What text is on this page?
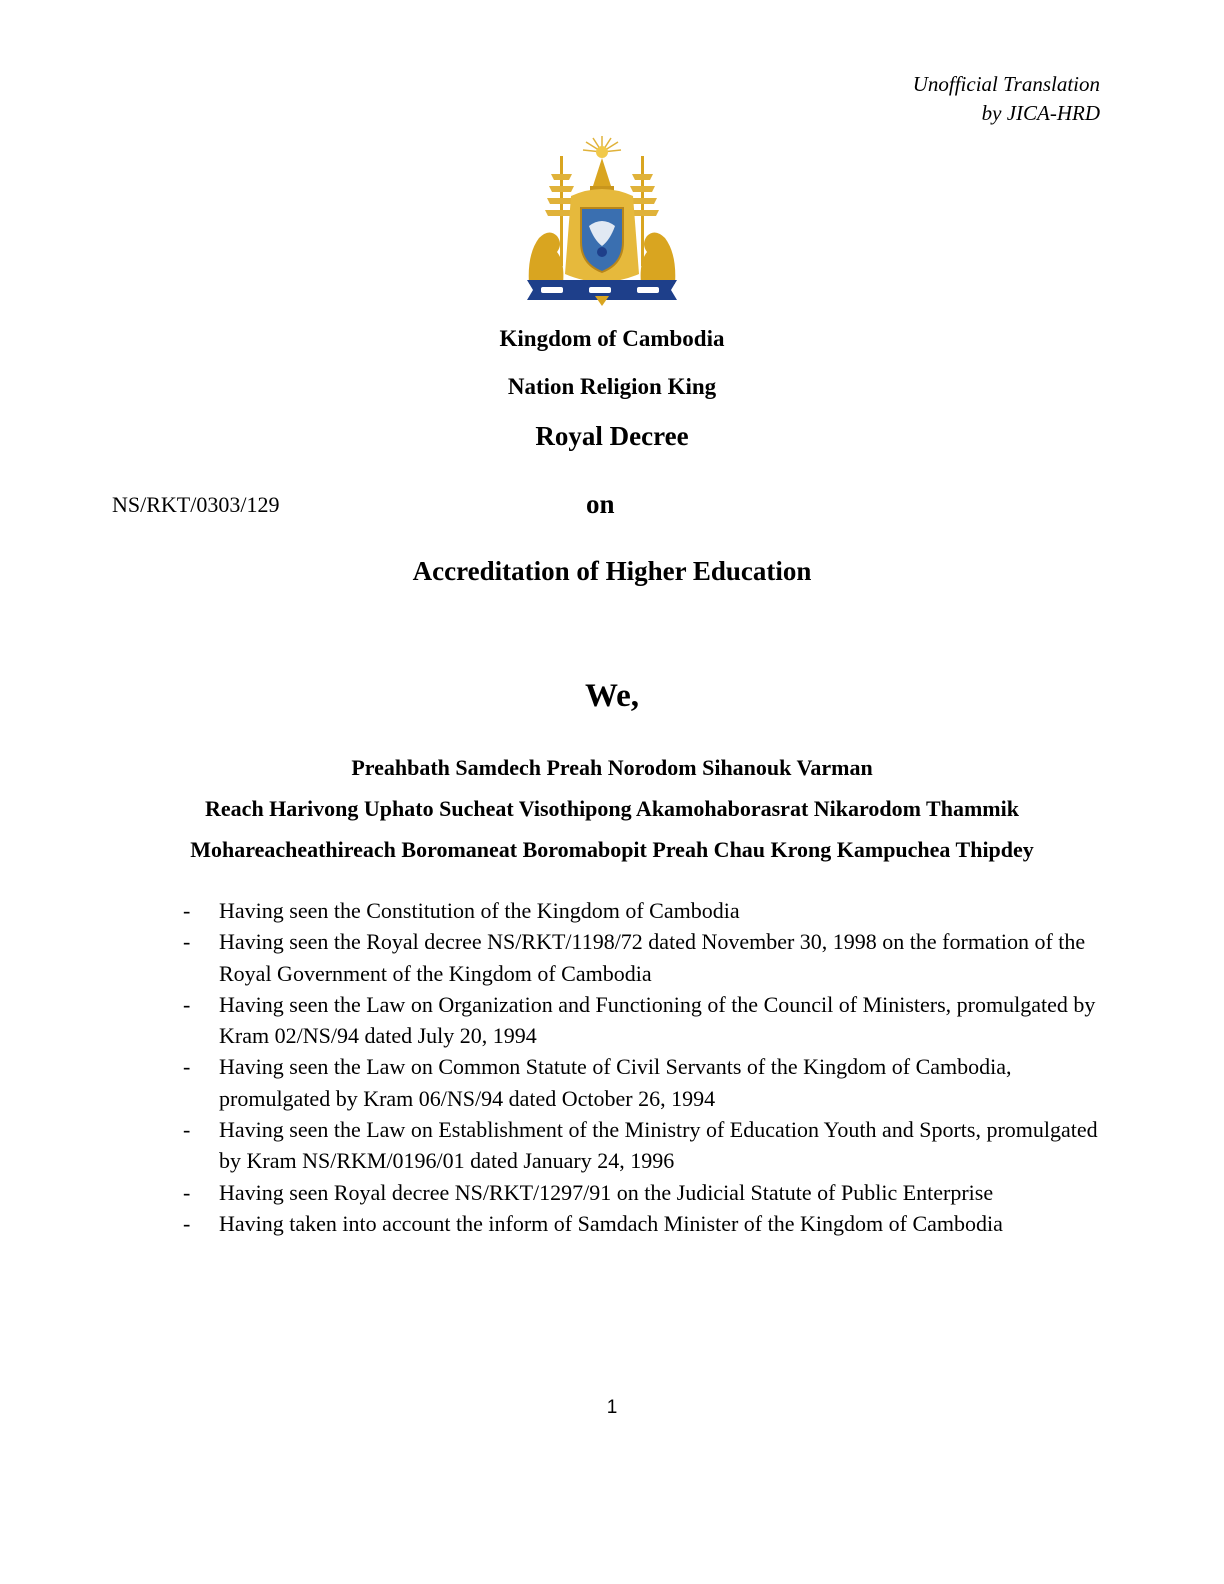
Unofficial Translation
by JICA-HRD
Kingdom of Cambodia
Nation Religion King
Royal Decree
NS/RKT/0303/129	on
Accreditation of Higher Education
We,
Preahbath Samdech Preah Norodom Sihanouk Varman
Reach Harivong Uphato Sucheat Visothipong Akamohaborasrat Nikarodom Thammik
Mohareacheathireach Boromaneat Boromabopit Preah Chau Krong Kampuchea Thipdey
- Having seen the Constitution of the Kingdom of Cambodia
- Having seen the Royal decree NS/RKT/1198/72 dated November 30, 1998 on the formation of the Royal Government of the Kingdom of Cambodia
- Having seen the Law on Organization and Functioning of the Council of Ministers, promulgated by Kram 02/NS/94 dated July 20, 1994
- Having seen the Law on Common Statute of Civil Servants of the Kingdom of Cambodia, promulgated by Kram 06/NS/94 dated October 26, 1994
- Having seen the Law on Establishment of the Ministry of Education Youth and Sports, promulgated by Kram NS/RKM/0196/01 dated January 24, 1996
- Having seen Royal decree NS/RKT/1297/91 on the Judicial Statute of Public Enterprise
- Having taken into account the inform of Samdach Minister of the Kingdom of Cambodia
1
